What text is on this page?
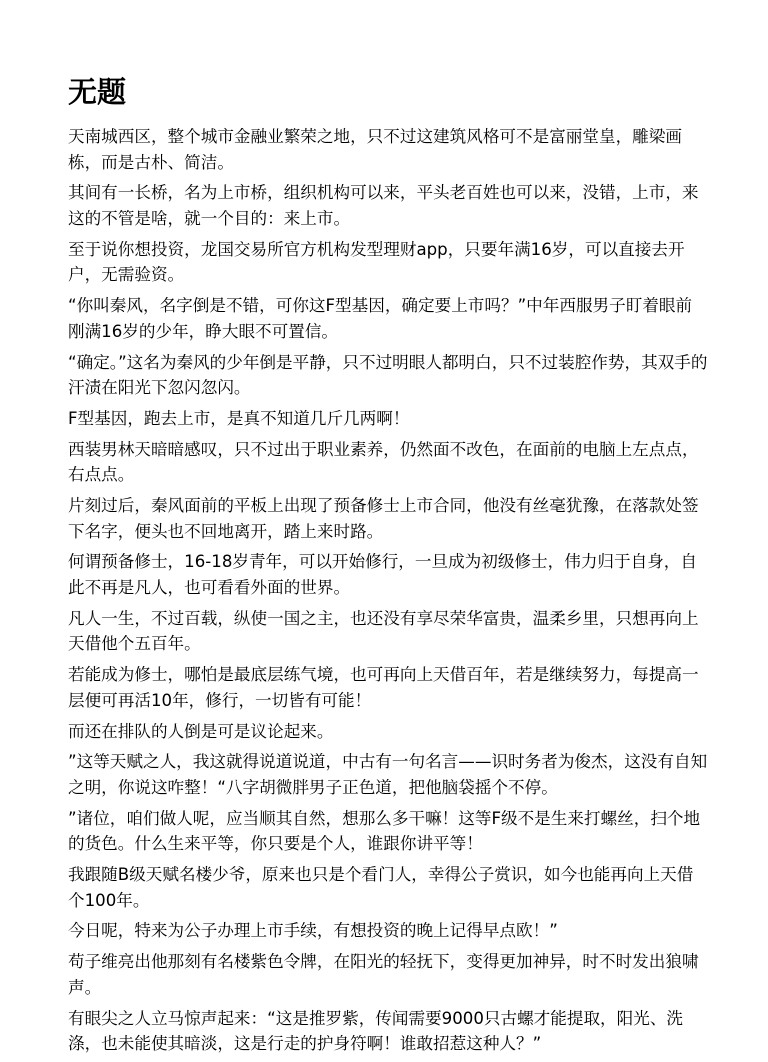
无题

天南城西区，整个城市金融业繁荣之地，只不过这建筑风格可不是富丽堂皇，雕梁画栋，而是古朴、简洁。

其间有一长桥，名为上市桥，组织机构可以来，平头老百姓也可以来，没错，上市，来这的不管是啥，就一个目的：来上市。

至于说你想投资，龙国交易所官方机构发型理财app，只要年满16岁，可以直接去开户，无需验资。

“你叫秦风，名字倒是不错，可你这F型基因，确定要上市吗？”中年西服男子盯着眼前刚满16岁的少年，睁大眼不可置信。

“确定。”这名为秦风的少年倒是平静，只不过明眼人都明白，只不过装腔作势，其双手的汗渍在阳光下忽闪忽闪。

F型基因，跑去上市，是真不知道几斤几两啊！

西装男林天暗暗感叹，只不过出于职业素养，仍然面不改色，在面前的电脑上左点点，右点点。

片刻过后，秦风面前的平板上出现了预备修士上市合同，他没有丝毫犹豫，在落款处签下名字，便头也不回地离开，踏上来时路。

何谓预备修士，16-18岁青年，可以开始修行，一旦成为初级修士，伟力归于自身，自此不再是凡人，也可看看外面的世界。

凡人一生，不过百载，纵使一国之主，也还没有享尽荣华富贵，温柔乡里，只想再向上天借他个五百年。

若能成为修士，哪怕是最底层练气境，也可再向上天借百年，若是继续努力，每提高一层便可再活10年，修行，一切皆有可能！

而还在排队的人倒是可是议论起来。

”这等天赋之人，我这就得说道说道，中古有一句名言——识时务者为俊杰，这没有自知之明，你说这咋整！“八字胡微胖男子正色道，把他脑袋摇个不停。

”诸位，咱们做人呢，应当顺其自然，想那么多干嘛！这等F级不是生来打螺丝，扫个地的货色。什么生来平等，你只要是个人，谁跟你讲平等！

我跟随B级天赋名楼少爷，原来也只是个看门人，幸得公子赏识，如今也能再向上天借个100年。

今日呢，特来为公子办理上市手续，有想投资的晚上记得早点欧！”

苟子维亮出他那刻有名楼紫色令牌，在阳光的轻抚下，变得更加神异，时不时发出狼啸声。

有眼尖之人立马惊声起来：“这是推罗紫，传闻需要9000只古螺才能提取，阳光、洗涤，也未能使其暗淡，这是行走的护身符啊！谁敢招惹这种人？”
